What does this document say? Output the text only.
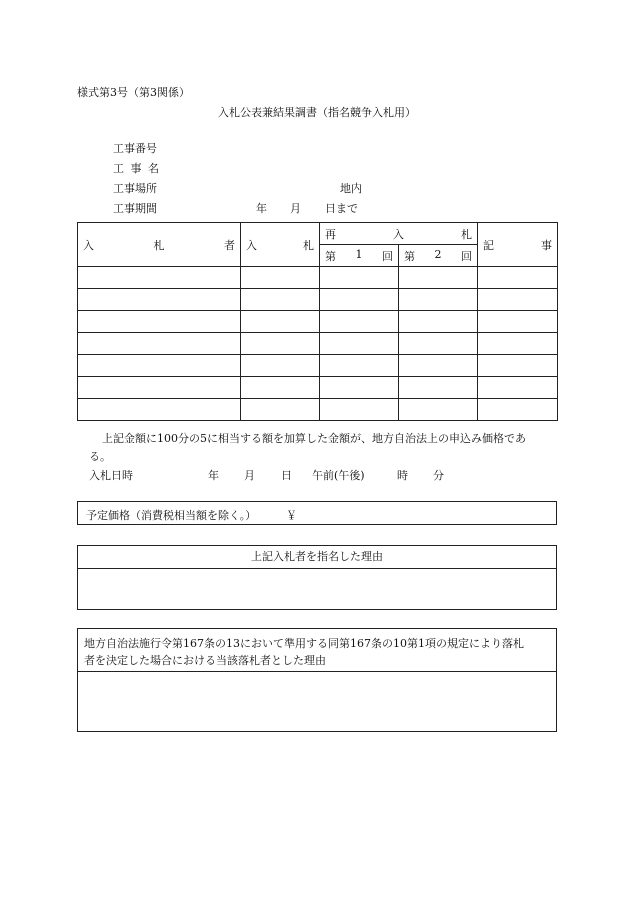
様式第3号（第3関係）
入札公表兼結果調書（指名競争入札用）
工事番号
工 事 名
工事場所	地内
工事期間	年 月 日まで
入 札 者	入 札	再 入 札		記 事

		第 1 回	第 2 回	

上記金額に100分の5に相当する額を加算した金額が、地方自治法上の申込み価格であ
る。
入札日時	年 月 日 午前(午後)	時 分
予定価格（消費税相当額を除く。）	￥
上記入札者を指名した理由
地方自治法施行令第167条の13において準用する同第167条の10第1項の規定により落札
者を決定した場合における当該落札者とした理由
